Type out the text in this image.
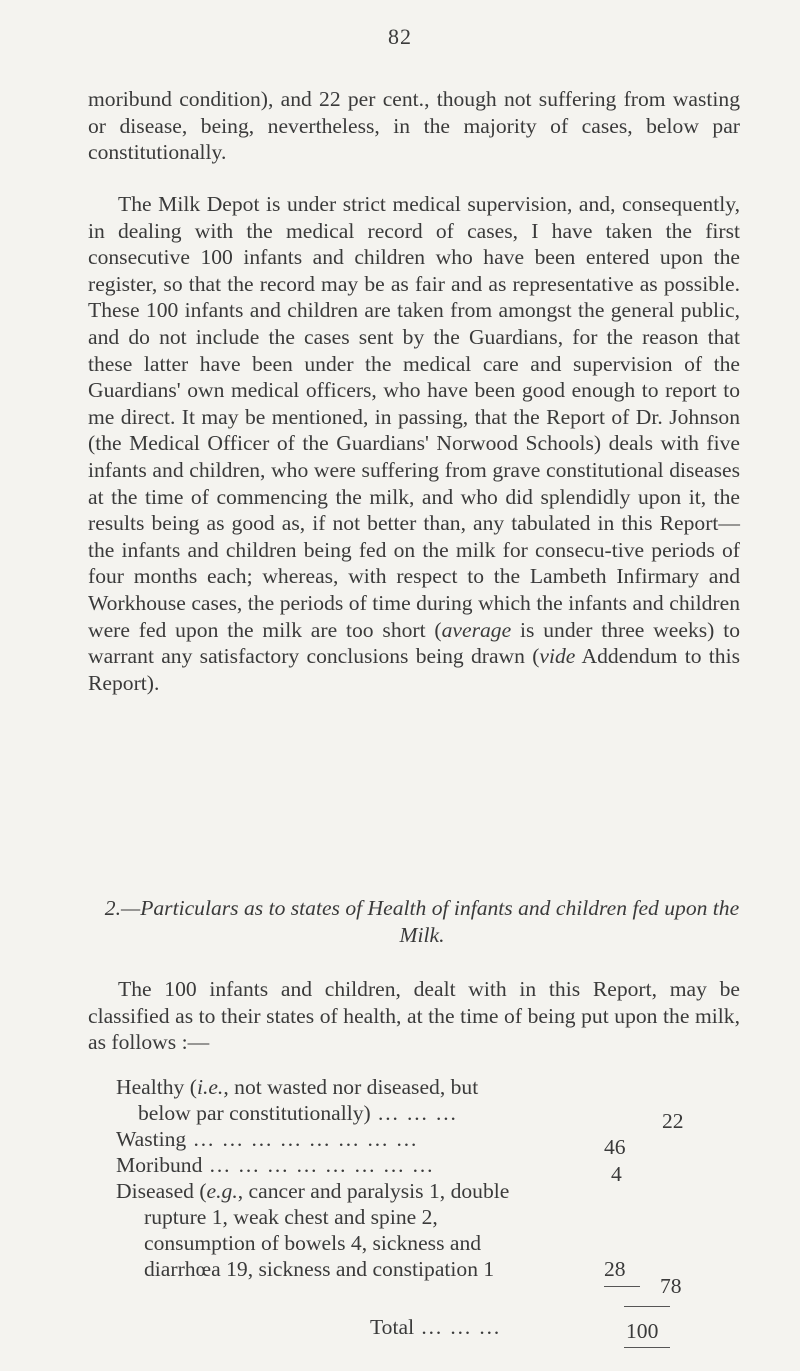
82

moribund condition), and 22 per cent., though not suffering from wasting or disease, being, nevertheless, in the majority of cases, below par constitutionally.

The Milk Depot is under strict medical supervision, and, consequently, in dealing with the medical record of cases, I have taken the first consecutive 100 infants and children who have been entered upon the register, so that the record may be as fair and as representative as possible. These 100 infants and children are taken from amongst the general public, and do not include the cases sent by the Guardians, for the reason that these latter have been under the medical care and supervision of the Guardians' own medical officers, who have been good enough to report to me direct. It may be mentioned, in passing, that the Report of Dr. Johnson (the Medical Officer of the Guardians' Norwood Schools) deals with five infants and children, who were suffering from grave constitutional diseases at the time of commencing the milk, and who did splendidly upon it, the results being as good as, if not better than, any tabulated in this Report—the infants and children being fed on the milk for consecu-tive periods of four months each; whereas, with respect to the Lambeth Infirmary and Workhouse cases, the periods of time during which the infants and children were fed upon the milk are too short (average is under three weeks) to warrant any satisfactory conclusions being drawn (vide Addendum to this Report).

2.—Particulars as to states of Health of infants and children fed upon the Milk.

The 100 infants and children, dealt with in this Report, may be classified as to their states of health, at the time of being put upon the milk, as follows :—

Healthy (i.e., not wasted nor diseased, but
below par constitutionally) … … …	22
Wasting … … … … … … … …	46
Moribund … … … … … … … …	4
Diseased (e.g., cancer and paralysis 1, double
rupture 1, weak chest and spine 2,
consumption of bowels 4, sickness and
diarrhœa 19, sickness and constipation 1	28
78
Total … … …	100
